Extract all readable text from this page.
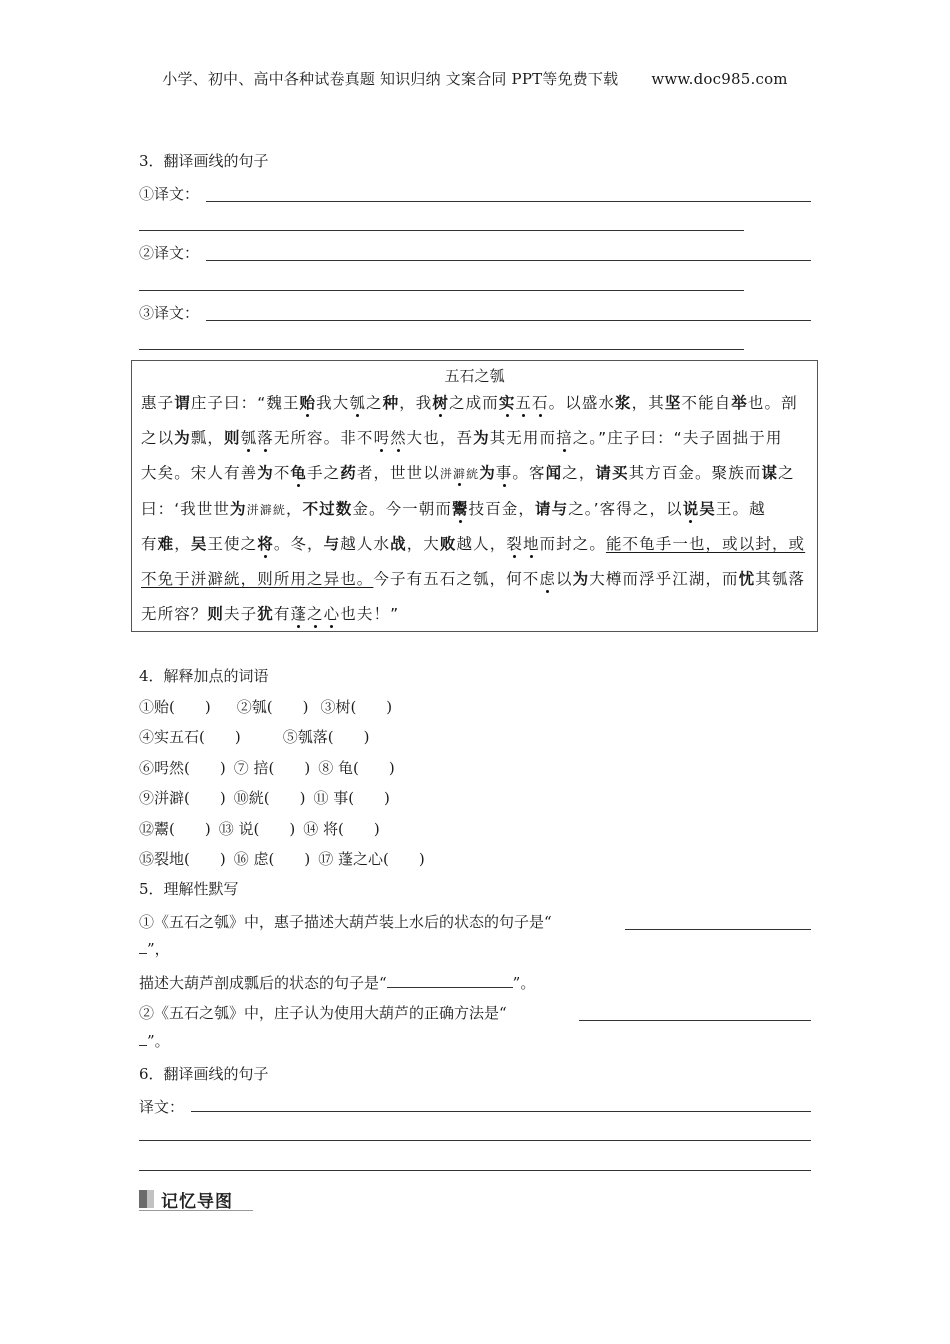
小学、初中、高中各种试卷真题 知识归纳 文案合同 PPT等免费下载 www.doc985.com
3．翻译画线的句子
①译文：
②译文：
③译文：
五石之瓠
惠子谓庄子曰：“魏王贻我大瓠之种，我树之成而实五石。以盛水浆，其坚不能自举也。剖
之以为瓢，则瓠落无所容。非不呺然大也，吾为其无用而掊之。”庄子曰：“夫子固拙于用
大矣。宋人有善为不龟手之药者，世世以洴澼絖为事。客闻之，请买其方百金。聚族而谋之
曰：‘我世世为洴澼絖，不过数金。今一朝而鬻技百金，请与之。’客得之，以说吴王。越
有难，吴王使之将。冬，与越人水战，大败越人，裂地而封之。能不龟手一也，或以封，或
不免于洴澼絖，则所用之异也。今子有五石之瓠，何不虑以为大樽而浮乎江湖，而忧其瓠落
无所容？则夫子犹有蓬之心也夫！”
4．解释加点的词语
①贻(　　) ②瓠(　　) ③树(　　)
④实五石(　　)	⑤瓠落(　　)
⑥呺然(　　) ⑦ 掊(　　) ⑧ 龟(　　)
⑨洴澼(　　) ⑩絖(　　) ⑪ 事(　　)
⑫鬻(　　) ⑬ 说(　　) ⑭ 将(　　)
⑮裂地(　　) ⑯ 虑(　　) ⑰ 蓬之心(　　)
5．理解性默写
①《五石之瓠》中，惠子描述大葫芦装上水后的状态的句子是“
”，
描述大葫芦剖成瓢后的状态的句子是“	”。
②《五石之瓠》中，庄子认为使用大葫芦的正确方法是“
”。
6．翻译画线的句子
译文：
记忆导图
